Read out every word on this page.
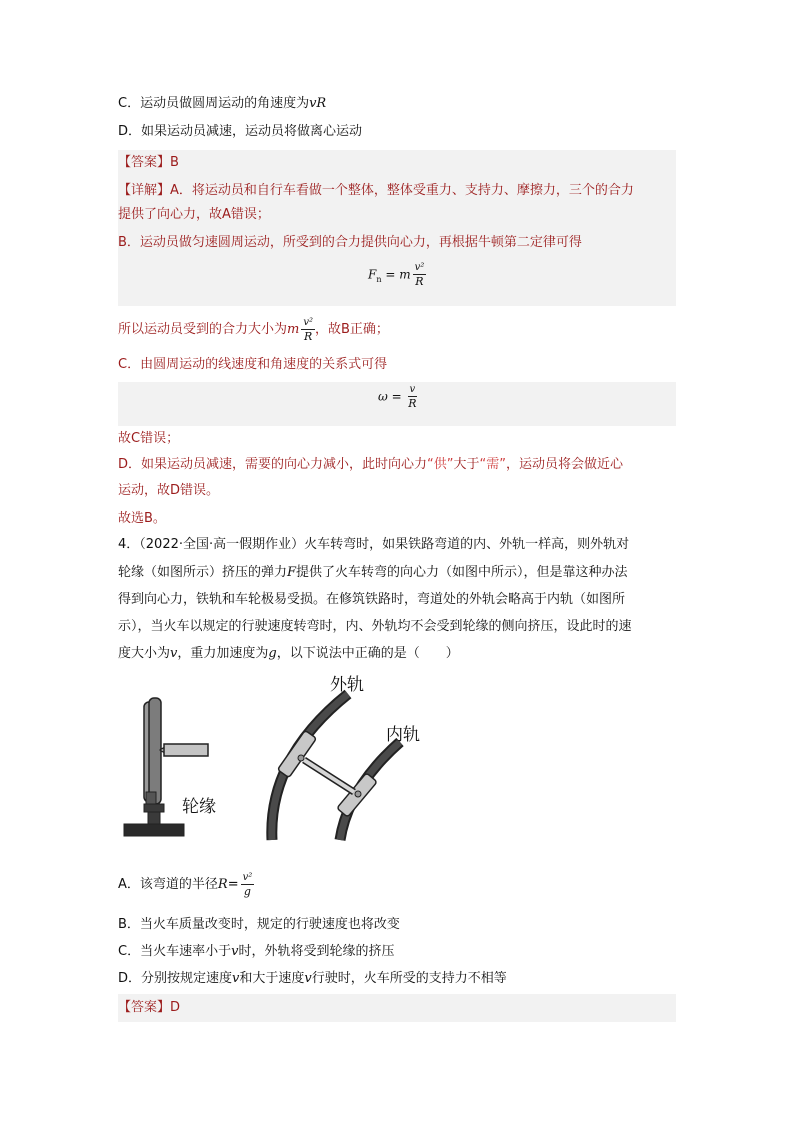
C．运动员做圆周运动的角速度为vR
D．如果运动员减速，运动员将做离心运动
【答案】B
【详解】A．将运动员和自行车看做一个整体，整体受重力、支持力、摩擦力，三个的合力
提供了向心力，故A错误；
B．运动员做匀速圆周运动，所受到的合力提供向心力，再根据牛顿第二定律可得
$F_n = m \frac{\text{v²}}{R}$
所以运动员受到的合力大小为m $\frac{\text{v²}}{R}$ ，故B正确；
C．由圆周运动的线速度和角速度的关系式可得
$\omega = \frac{v}{R}$
故C错误；
D．如果运动员减速，需要的向心力减小，此时向心力“供”大于“需”，运动员将会做近心
运动，故D错误。
故选B。
4．（2022·全国·高一假期作业）火车转弯时，如果铁路弯道的内、外轨一样高，则外轨对
轮缘（如图所示）挤压的弹力F提供了火车转弯的向心力（如图中所示），但是靠这种办法
得到向心力，铁轨和车轮极易受损。在修筑铁路时，弯道处的外轨会略高于内轨（如图所
示），当火车以规定的行驶速度转弯时，内、外轨均不会受到轮缘的侧向挤压，设此时的速
度大小为v，重力加速度为g，以下说法中正确的是（　　）
外轨
内轨
轮缘
A．该弯道的半径$R= \frac{\text{v²}}{g}$
B．当火车质量改变时，规定的行驶速度也将改变
C．当火车速率小于v时，外轨将受到轮缘的挤压
D．分别按规定速度v和大于速度v行驶时，火车所受的支持力不相等
【答案】D
